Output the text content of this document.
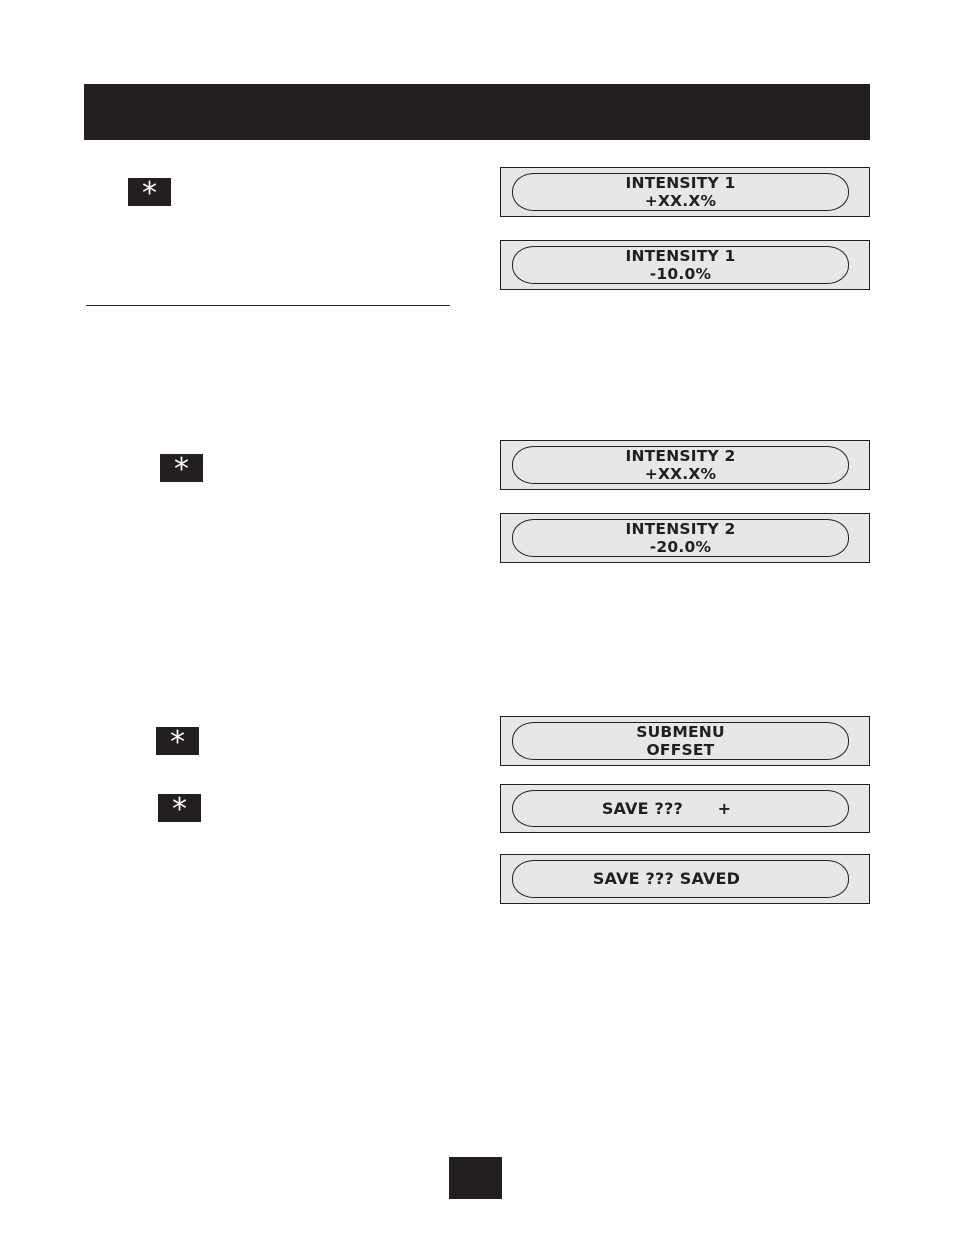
*
*
*
*
INTENSITY 1
+XX.X%
INTENSITY 1
-10.0%
INTENSITY 2
+XX.X%
INTENSITY 2
-20.0%
SUBMENU
OFFSET
SAVE ???      +
SAVE ??? SAVED
